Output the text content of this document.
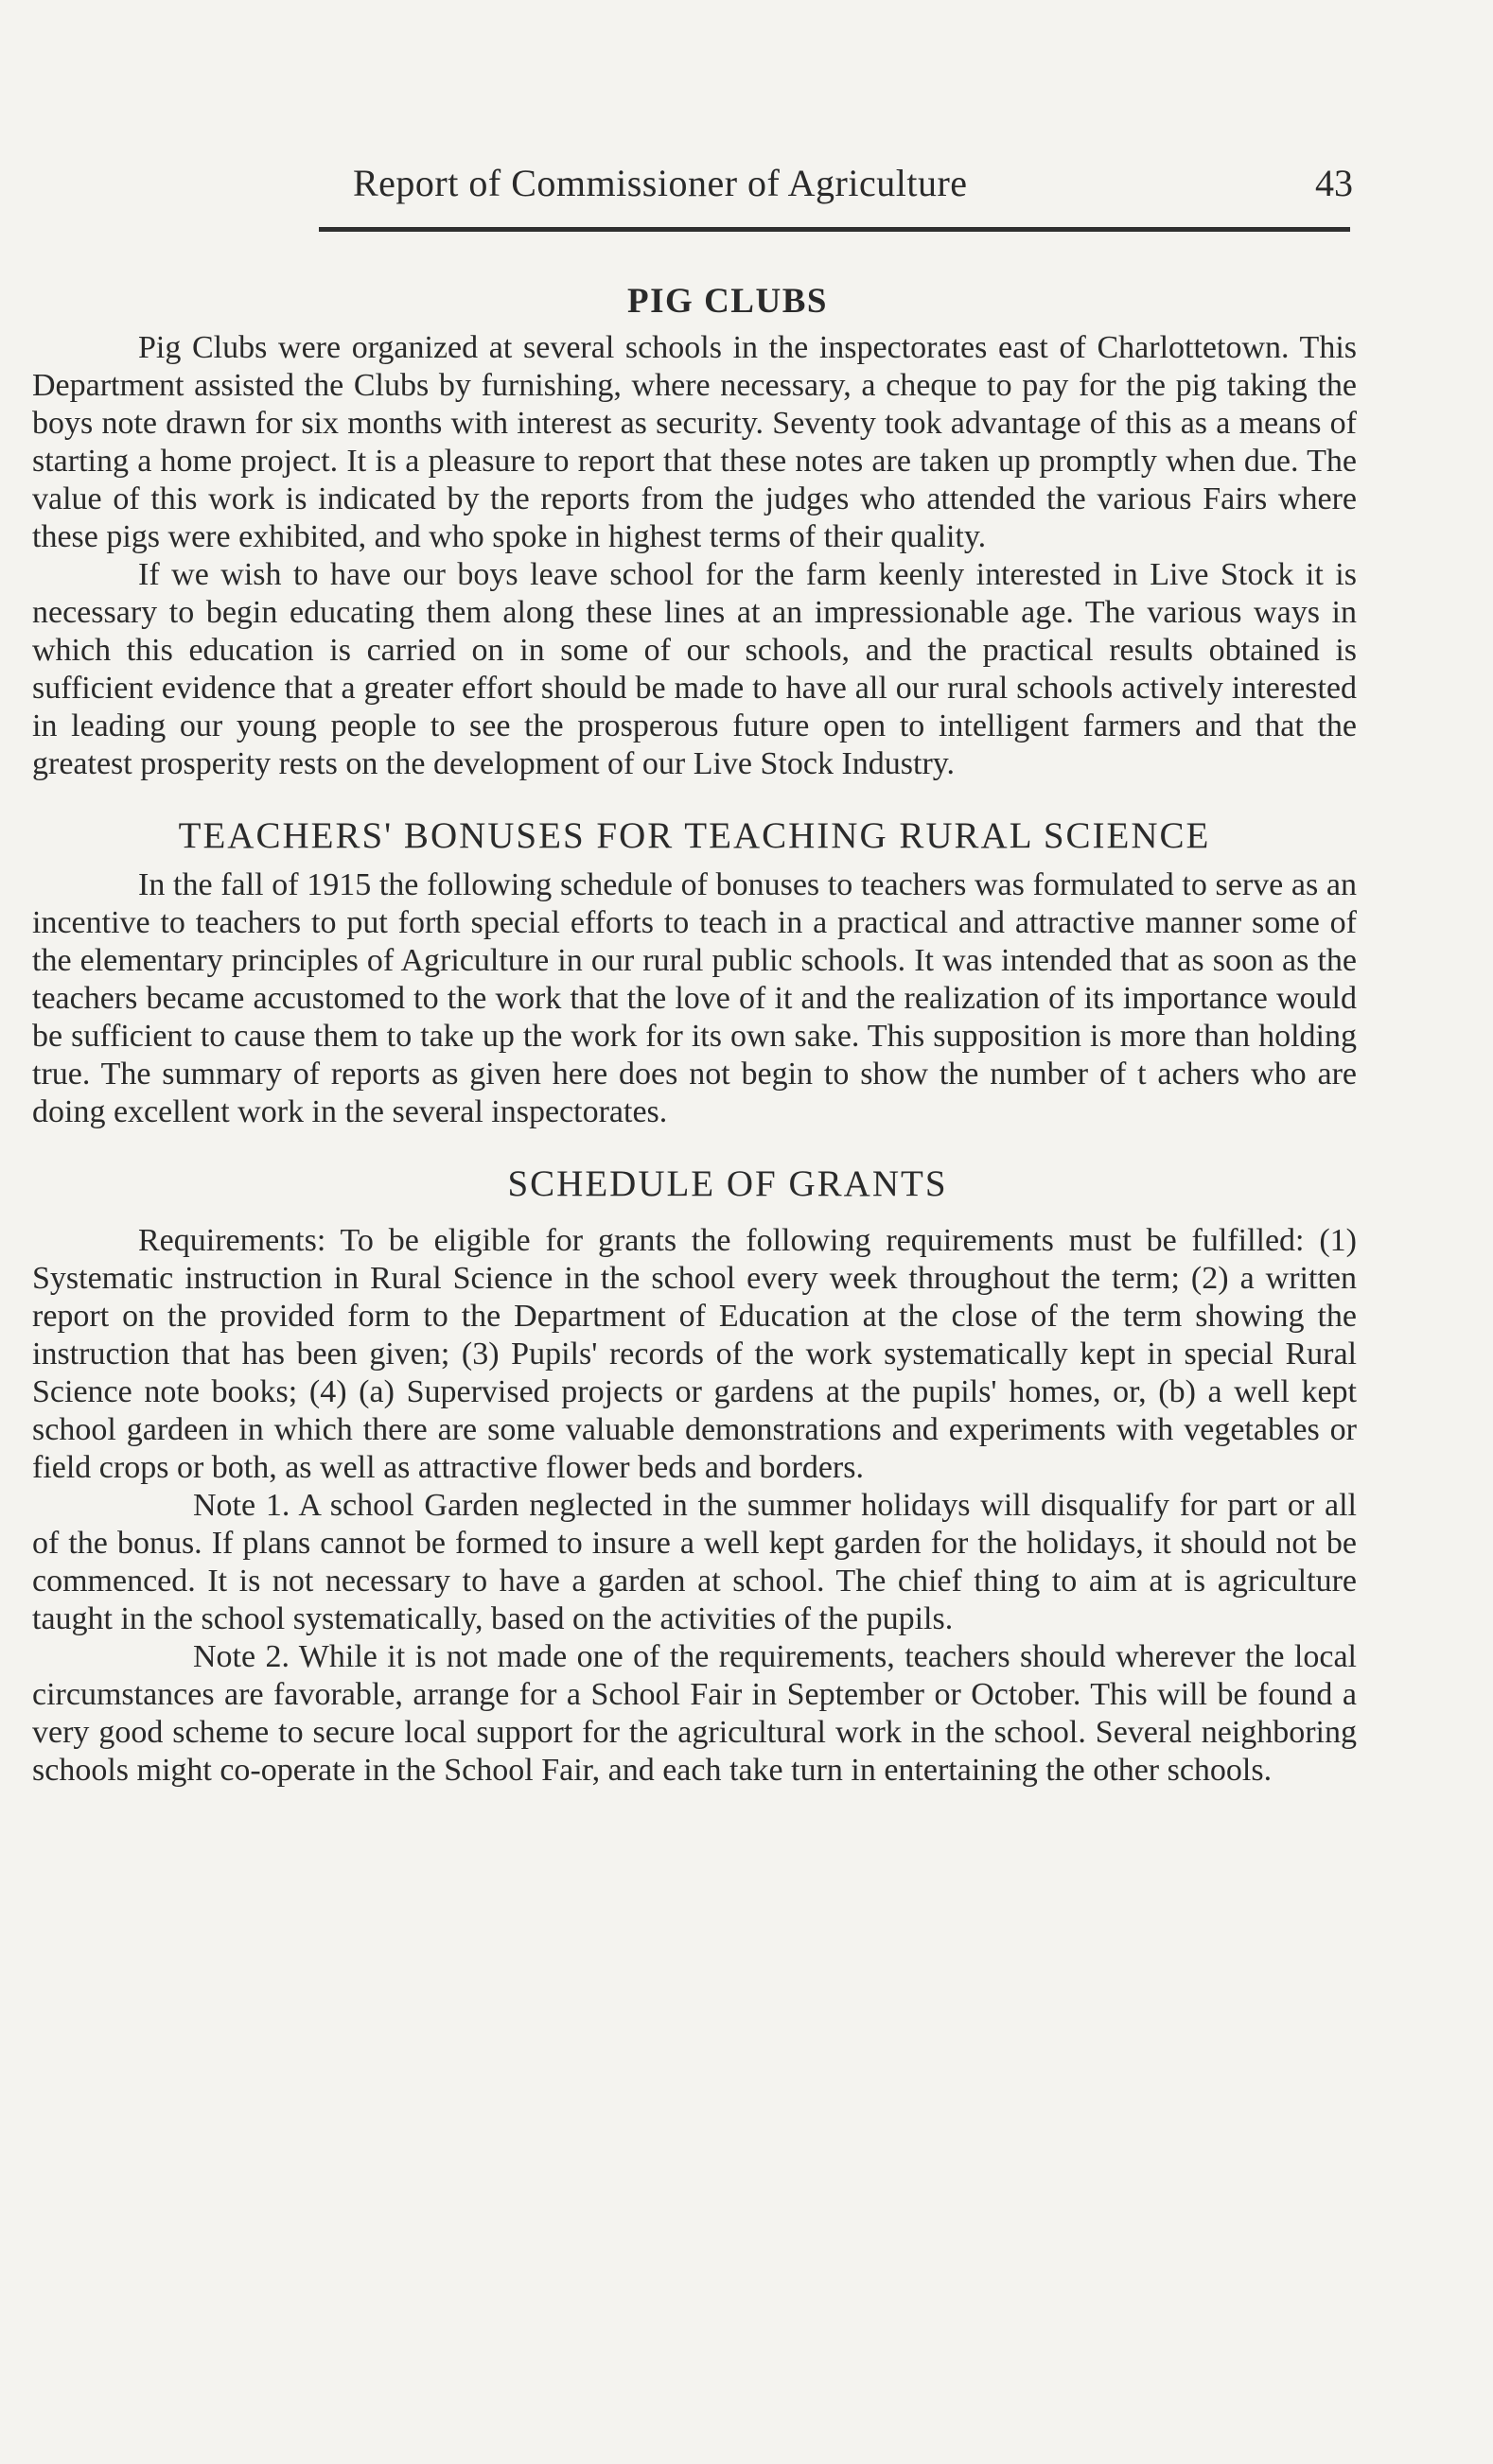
Report of Commissioner of Agriculture	43
PIG CLUBS

Pig Clubs were organized at several schools in the inspectorates east of Charlottetown. This Department assisted the Clubs by furnishing, where necessary, a cheque to pay for the pig taking the boys note drawn for six months with interest as security. Seventy took advantage of this as a means of starting a home project. It is a pleasure to report that these notes are taken up promptly when due. The value of this work is indicated by the reports from the judges who attended the various Fairs where these pigs were exhibited, and who spoke in highest terms of their quality.

If we wish to have our boys leave school for the farm keenly interested in Live Stock it is necessary to begin educating them along these lines at an impressionable age. The various ways in which this education is carried on in some of our schools, and the practical results obtained is sufficient evidence that a greater effort should be made to have all our rural schools actively interested in leading our young people to see the prosperous future open to intelligent farmers and that the greatest prosperity rests on the development of our Live Stock Industry.

TEACHERS' BONUSES FOR TEACHING RURAL SCIENCE

In the fall of 1915 the following schedule of bonuses to teachers was formulated to serve as an incentive to teachers to put forth special efforts to teach in a practical and attractive manner some of the elementary principles of Agriculture in our rural public schools. It was intended that as soon as the teachers became accustomed to the work that the love of it and the realization of its importance would be sufficient to cause them to take up the work for its own sake. This supposition is more than holding true. The summary of reports as given here does not begin to show the number of t achers who are doing excellent work in the several inspectorates.

SCHEDULE OF GRANTS

Requirements: To be eligible for grants the following requirements must be fulfilled: (1) Systematic instruction in Rural Science in the school every week throughout the term; (2) a written report on the provided form to the Department of Education at the close of the term showing the instruction that has been given; (3) Pupils' records of the work systematically kept in special Rural Science note books; (4) (a) Supervised projects or gardens at the pupils' homes, or, (b) a well kept school gardeen in which there are some valuable demonstrations and experiments with vegetables or field crops or both, as well as attractive flower beds and borders.

Note 1. A school Garden neglected in the summer holidays will disqualify for part or all of the bonus. If plans cannot be formed to insure a well kept garden for the holidays, it should not be commenced. It is not necessary to have a garden at school. The chief thing to aim at is agriculture taught in the school systematically, based on the activities of the pupils.

Note 2. While it is not made one of the requirements, teachers should wherever the local circumstances are favorable, arrange for a School Fair in September or October. This will be found a very good scheme to secure local support for the agricultural work in the school. Several neighboring schools might co-operate in the School Fair, and each take turn in entertaining the other schools.
